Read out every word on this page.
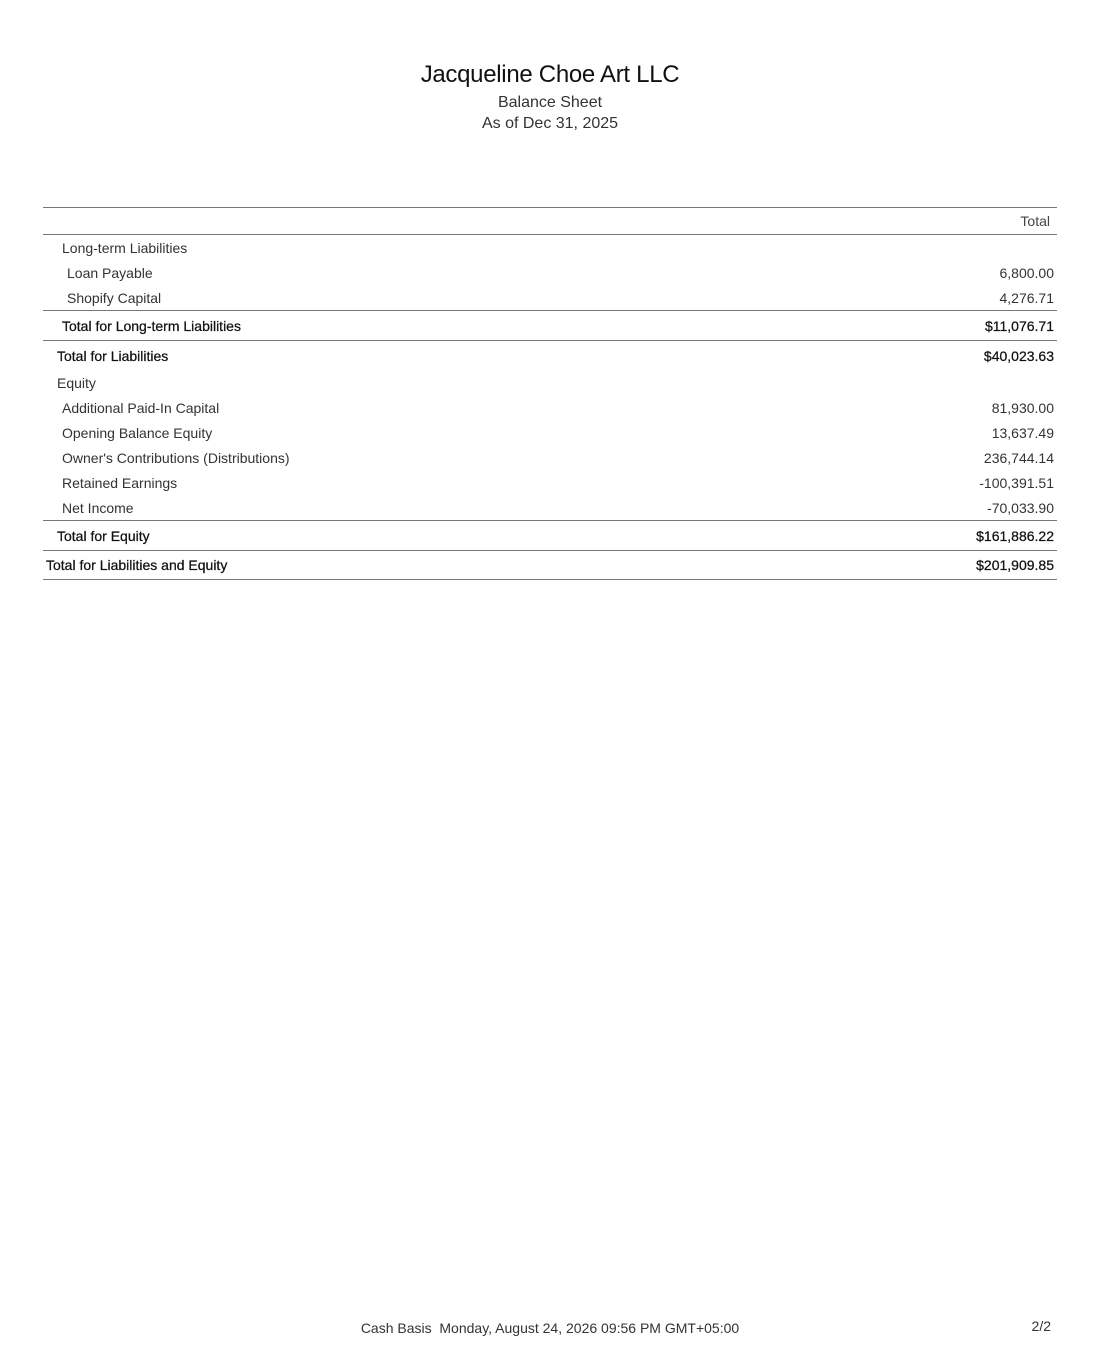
Jacqueline Choe Art LLC
Balance Sheet
As of Dec 31, 2025
Total
Long-term Liabilities
Loan Payable	6,800.00
Shopify Capital	4,276.71
Total for Long-term Liabilities	$11,076.71
Total for Liabilities	$40,023.63
Equity
Additional Paid-In Capital	81,930.00
Opening Balance Equity	13,637.49
Owner's Contributions (Distributions)	236,744.14
Retained Earnings	-100,391.51
Net Income	-70,033.90
Total for Equity	$161,886.22
Total for Liabilities and Equity	$201,909.85
Cash Basis  Monday, August 24, 2026 09:56 PM GMT+05:00	2/2
